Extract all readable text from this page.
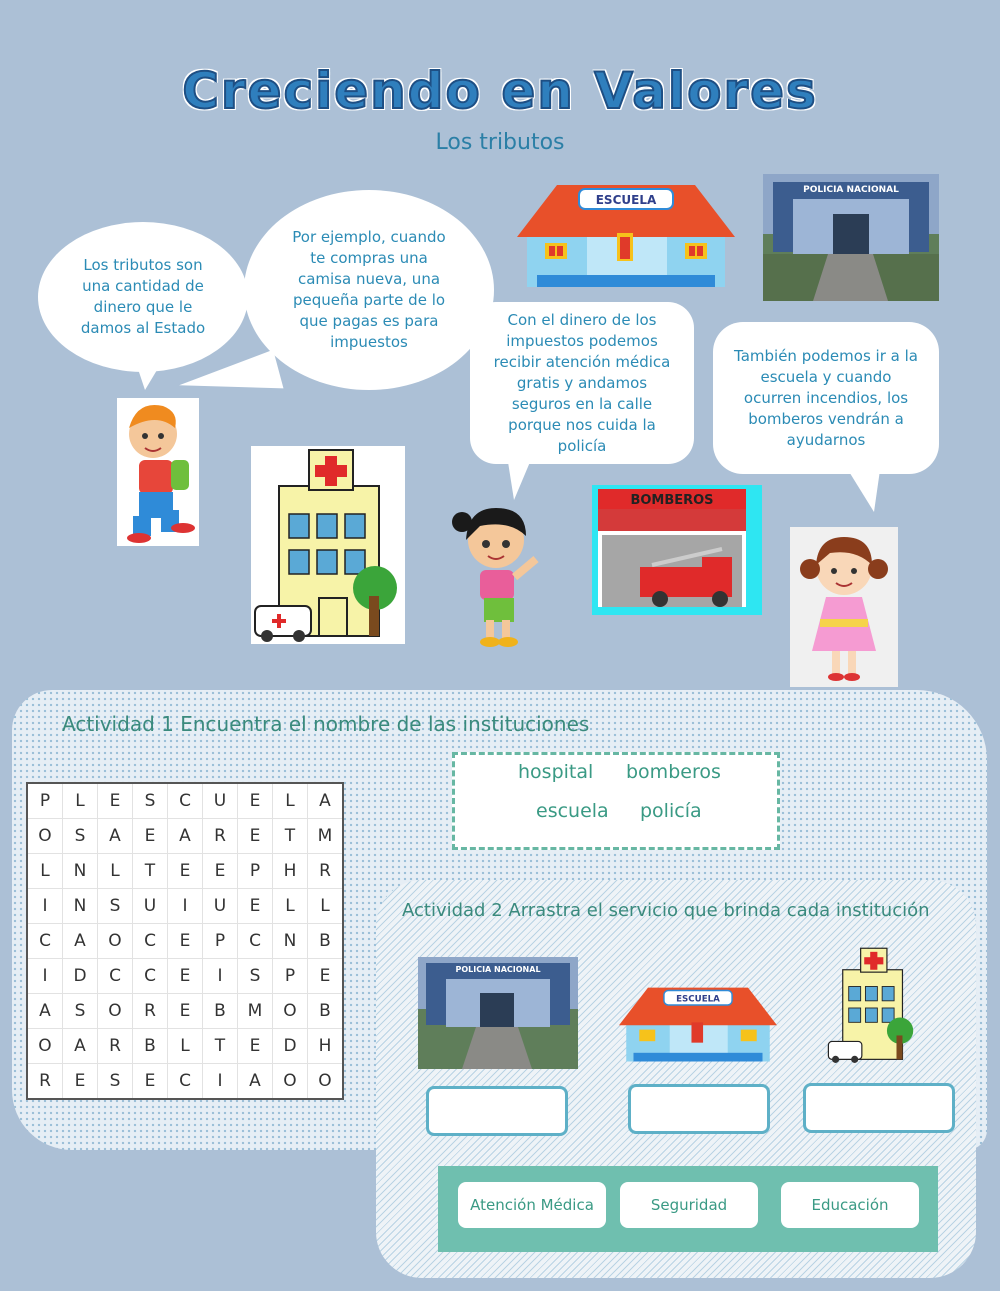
Creciendo en Valores
Los tributos
Los tributos son una cantidad de dinero que le damos al Estado
Por ejemplo, cuando te compras una camisa nueva, una pequeña parte de lo que pagas es para impuestos
ESCUELA
POLICIA NACIONAL
Con el dinero de los impuestos podemos recibir atención médica gratis y andamos seguros en la calle porque nos cuida la policía
También podemos ir a la escuela y cuando ocurren incendios, los bomberos vendrán a ayudarnos
BOMBEROS
Actividad 1 Encuentra el nombre de las instituciones
P	L	E	S	C	U	E	L	A
O	S	A	E	A	R	E	T	M
L	N	L	T	E	E	P	H	R
I	N	S	U	I	U	E	L	L
C	A	O	C	E	P	C	N	B
I	D	C	C	E	I	S	P	E
A	S	O	R	E	B	M	O	B
O	A	R	B	L	T	E	D	H
R	E	S	E	C	I	A	O	O
hospital bomberos
escuela policía
Actividad 2 Arrastra el servicio que brinda cada institución
POLICIA NACIONAL
ESCUELA
Atención Médica	Seguridad	Educación
